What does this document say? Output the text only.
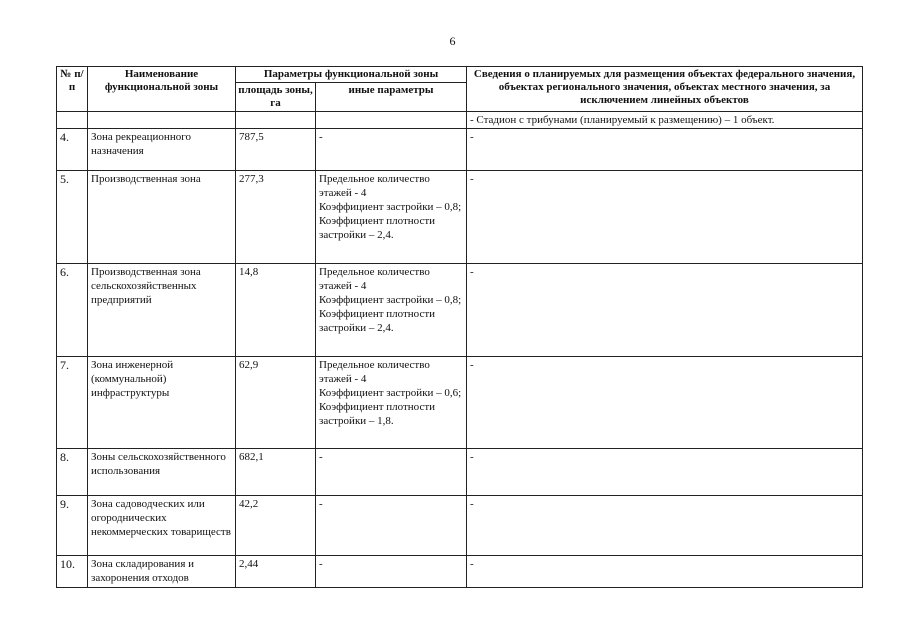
6
№ п/п	Наименование функциональной зоны	Параметры функциональной зоны		Сведения о планируемых для размещения объектах федерального значения, объектах регионального значения, объектах местного значения, за исключением линейных объектов
		площадь зоны, га	иные параметры	
				- Стадион с трибунами (планируемый к размещению) – 1 объект.
4.	Зона рекреационного назначения	787,5	-	-
5.	Производственная зона	277,3	Предельное количество этажей - 4
Коэффициент застройки – 0,8;
Коэффициент плотности застройки – 2,4.	-
6.	Производственная зона сельскохозяйственных предприятий	14,8	Предельное количество этажей - 4
Коэффициент застройки – 0,8;
Коэффициент плотности застройки – 2,4.	-
7.	Зона инженерной (коммунальной) инфраструктуры	62,9	Предельное количество этажей - 4
Коэффициент застройки – 0,6;
Коэффициент плотности застройки – 1,8.	-
8.	Зоны сельскохозяйственного использования	682,1	-	-
9.	Зона садоводческих или огороднических некоммерческих товариществ	42,2	-	-
10.	Зона складирования и захоронения отходов	2,44	-	-
